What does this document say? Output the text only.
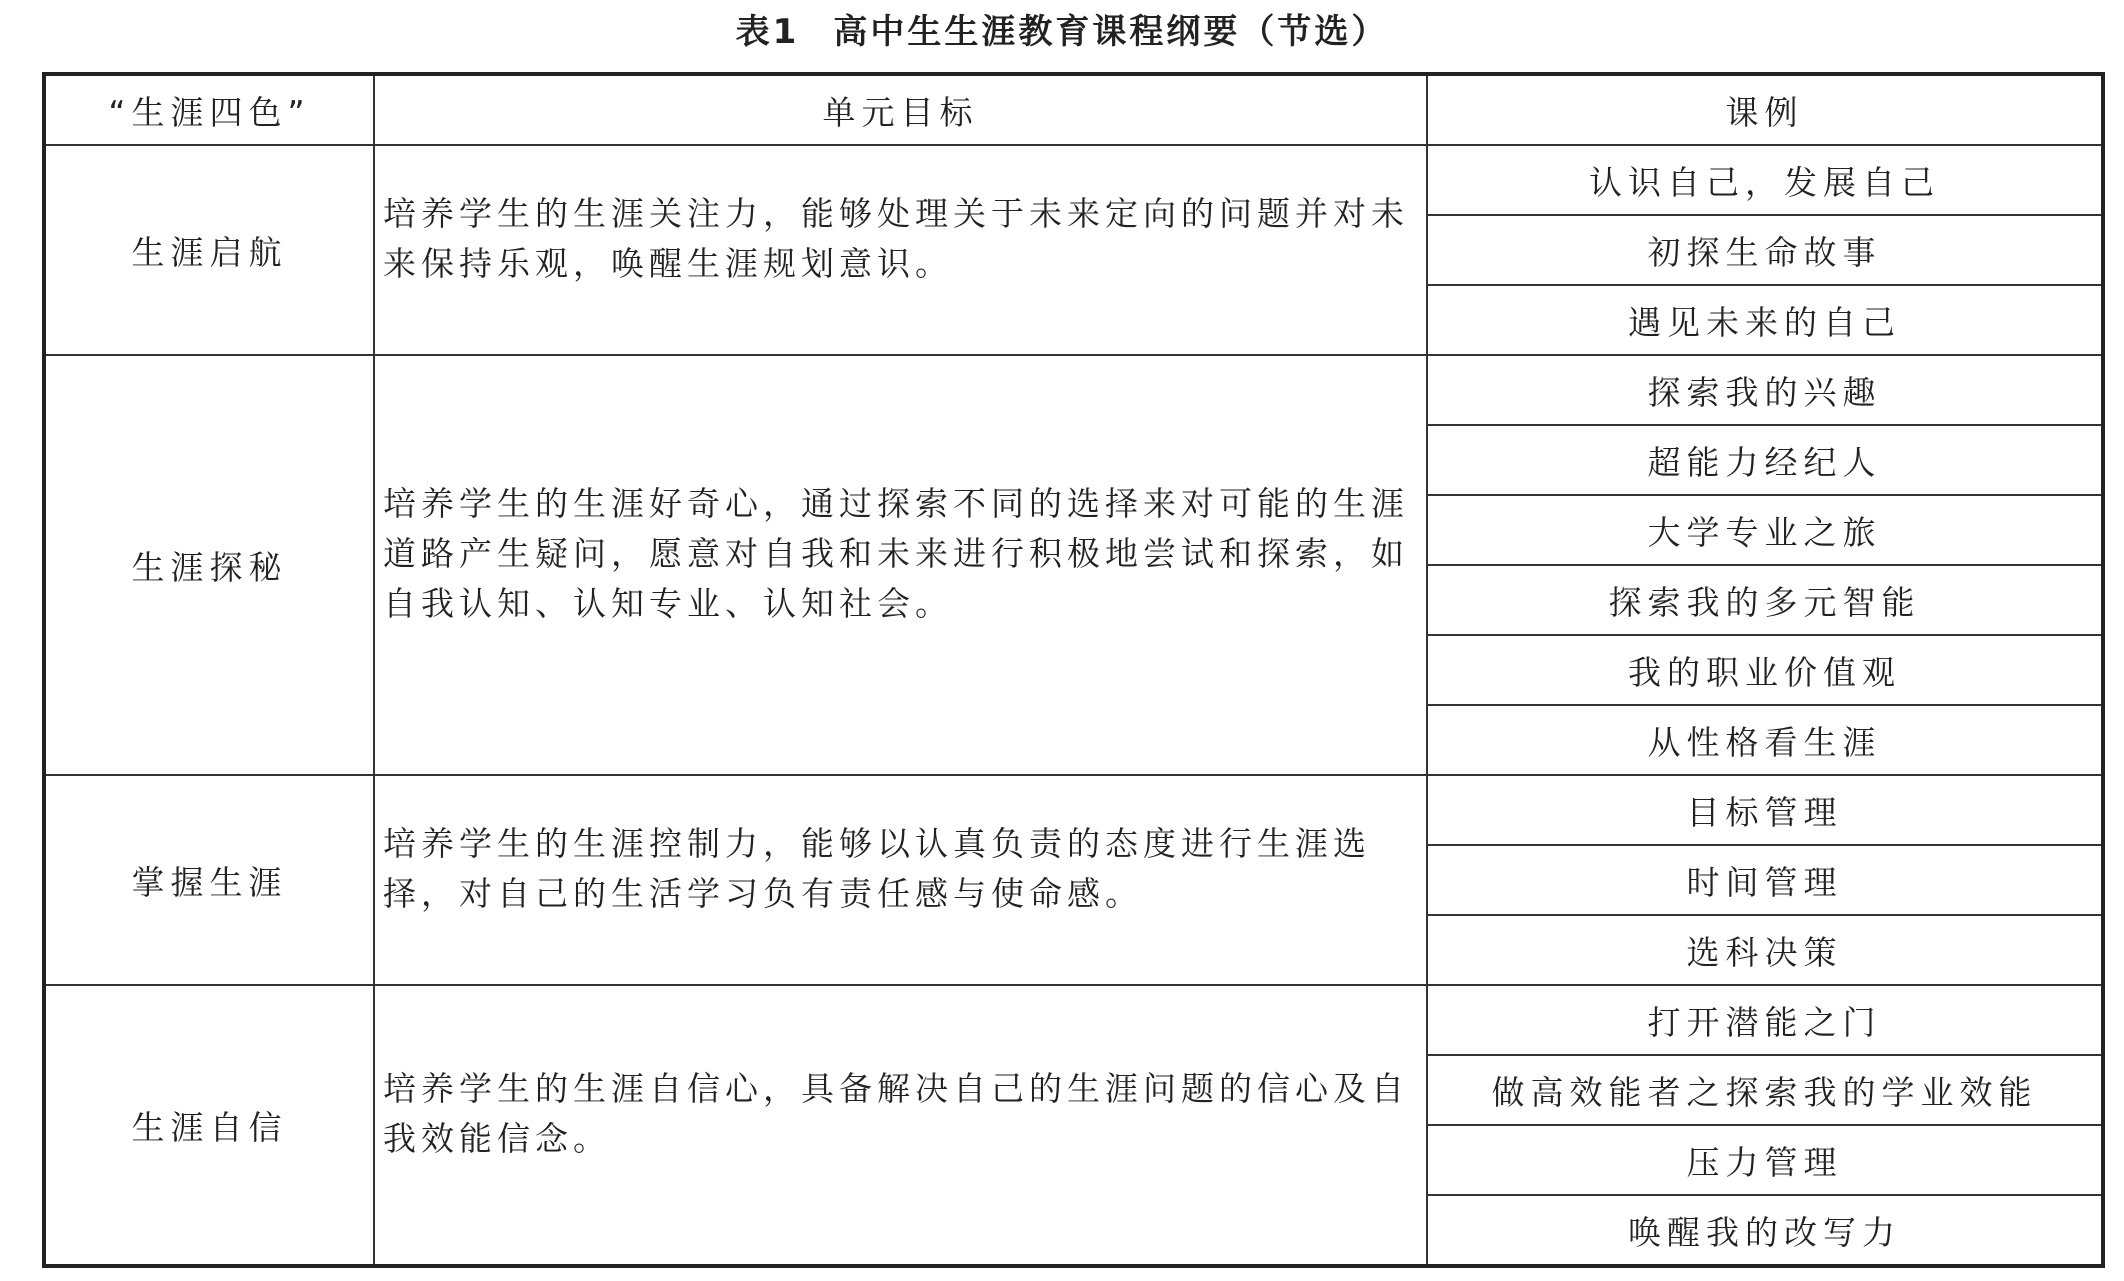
表1 高中生生涯教育课程纲要（节选）
“生涯四色”	单元目标	课例
生涯启航	培养学生的生涯关注力，能够处理关于未来定向的问题并对未来保持乐观，唤醒生涯规划意识。	认识自己，发展自己
		初探生命故事
		遇见未来的自己
生涯探秘	培养学生的生涯好奇心，通过探索不同的选择来对可能的生涯道路产生疑问，愿意对自我和未来进行积极地尝试和探索，如自我认知、认知专业、认知社会。	探索我的兴趣
		超能力经纪人
		大学专业之旅
		探索我的多元智能
		我的职业价值观
		从性格看生涯
掌握生涯	培养学生的生涯控制力，能够以认真负责的态度进行生涯选择，对自己的生活学习负有责任感与使命感。	目标管理
		时间管理
		选科决策
生涯自信	培养学生的生涯自信心，具备解决自己的生涯问题的信心及自我效能信念。	打开潜能之门
		做高效能者之探索我的学业效能
		压力管理
		唤醒我的改写力
